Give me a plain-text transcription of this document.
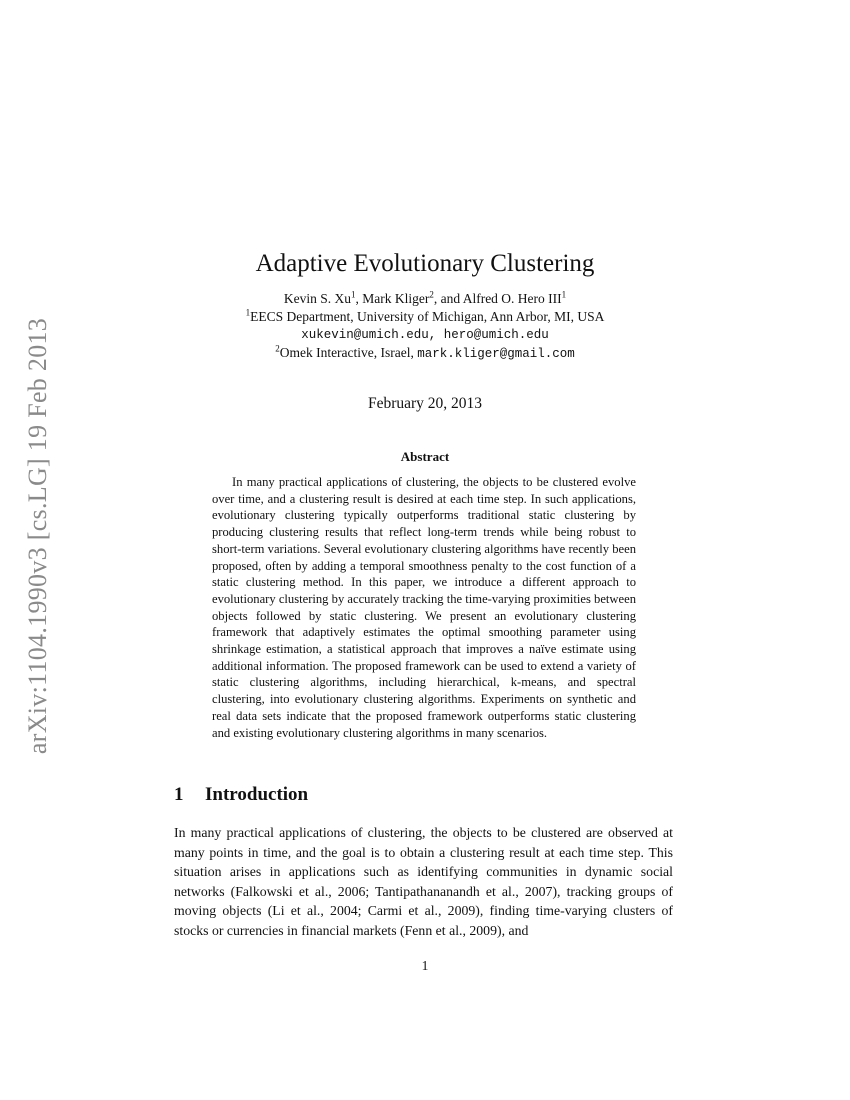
arXiv:1104.1990v3 [cs.LG] 19 Feb 2013
Adaptive Evolutionary Clustering
Kevin S. Xu$^1$, Mark Kliger$^2$, and Alfred O. Hero III$^1$
$^1$EECS Department, University of Michigan, Ann Arbor, MI, USA
xukevin@umich.edu, hero@umich.edu
$^2$Omek Interactive, Israel, mark.kliger@gmail.com
February 20, 2013
Abstract

In many practical applications of clustering, the objects to be clustered evolve over time, and a clustering result is desired at each time step. In such applications, evolutionary clustering typically outperforms traditional static clustering by producing clustering results that reflect long-term trends while being robust to short-term variations. Several evolutionary clustering algorithms have recently been proposed, often by adding a temporal smoothness penalty to the cost function of a static clustering method. In this paper, we introduce a different approach to evolutionary clustering by accurately tracking the time-varying proximities between objects followed by static clustering. We present an evolutionary clustering framework that adaptively estimates the optimal smoothing parameter using shrinkage estimation, a statistical approach that improves a naïve estimate using additional information. The proposed framework can be used to extend a variety of static clustering algorithms, including hierarchical, k-means, and spectral clustering, into evolutionary clustering algorithms. Experiments on synthetic and real data sets indicate that the proposed framework outperforms static clustering and existing evolutionary clustering algorithms in many scenarios.

1 Introduction

In many practical applications of clustering, the objects to be clustered are observed at many points in time, and the goal is to obtain a clustering result at each time step. This situation arises in applications such as identifying communities in dynamic social networks (Falkowski et al., 2006; Tantipathananandh et al., 2007), tracking groups of moving objects (Li et al., 2004; Carmi et al., 2009), finding time-varying clusters of stocks or currencies in financial markets (Fenn et al., 2009), and

1
